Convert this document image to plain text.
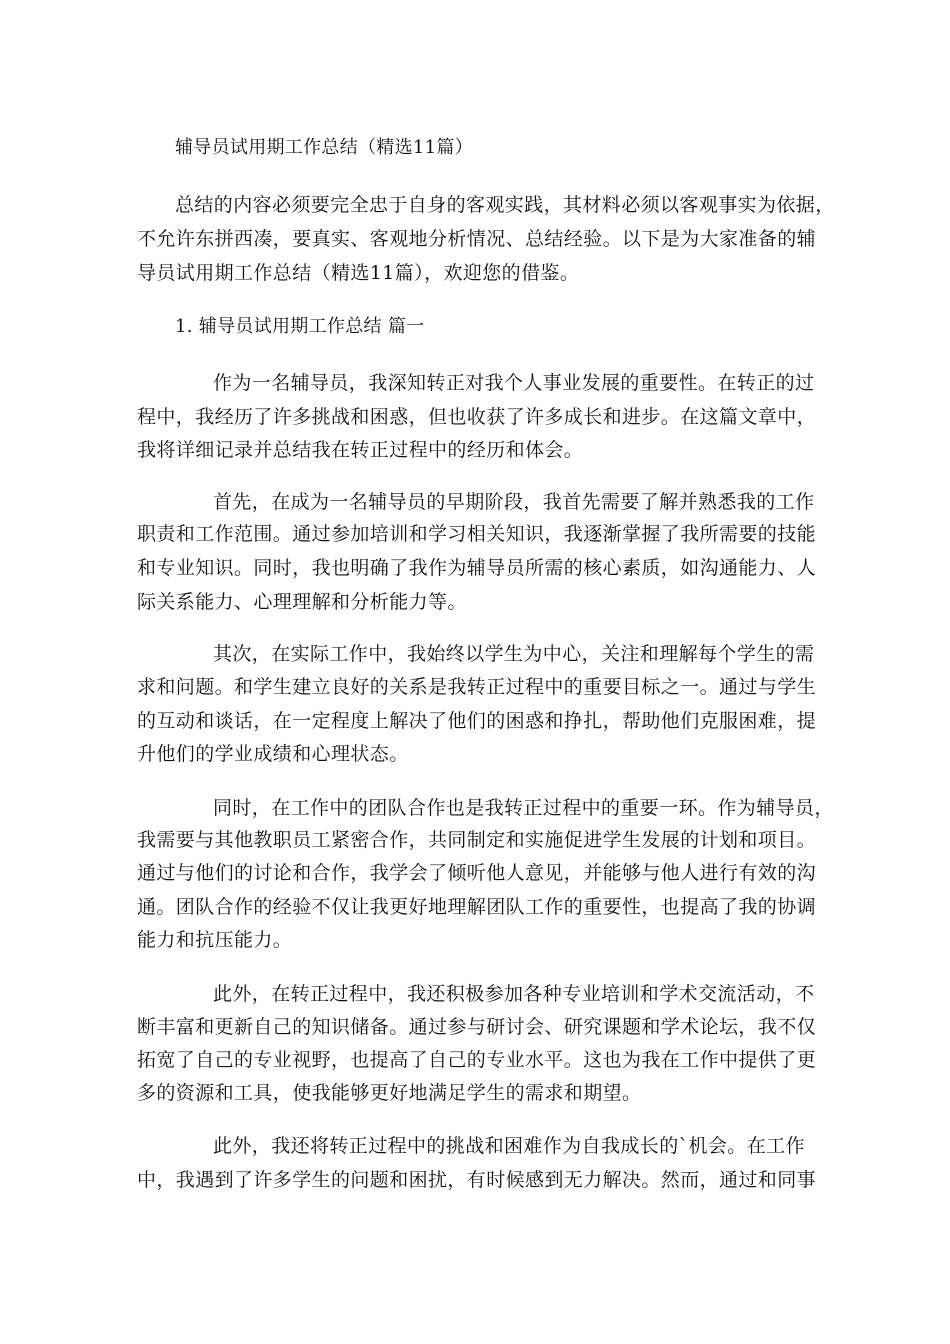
辅导员试用期工作总结（精选11篇）
总结的内容必须要完全忠于自身的客观实践，其材料必须以客观事实为依据，
不允许东拼西凑，要真实、客观地分析情况、总结经验。以下是为大家准备的辅
导员试用期工作总结（精选11篇），欢迎您的借鉴。
1. 辅导员试用期工作总结 篇一
作为一名辅导员，我深知转正对我个人事业发展的重要性。在转正的过
程中，我经历了许多挑战和困惑，但也收获了许多成长和进步。在这篇文章中，
我将详细记录并总结我在转正过程中的经历和体会。
首先，在成为一名辅导员的早期阶段，我首先需要了解并熟悉我的工作
职责和工作范围。通过参加培训和学习相关知识，我逐渐掌握了我所需要的技能
和专业知识。同时，我也明确了我作为辅导员所需的核心素质，如沟通能力、人
际关系能力、心理理解和分析能力等。
其次，在实际工作中，我始终以学生为中心，关注和理解每个学生的需
求和问题。和学生建立良好的关系是我转正过程中的重要目标之一。通过与学生
的互动和谈话，在一定程度上解决了他们的困惑和挣扎，帮助他们克服困难，提
升他们的学业成绩和心理状态。
同时，在工作中的团队合作也是我转正过程中的重要一环。作为辅导员，
我需要与其他教职员工紧密合作，共同制定和实施促进学生发展的计划和项目。
通过与他们的讨论和合作，我学会了倾听他人意见，并能够与他人进行有效的沟
通。团队合作的经验不仅让我更好地理解团队工作的重要性，也提高了我的协调
能力和抗压能力。
此外，在转正过程中，我还积极参加各种专业培训和学术交流活动，不
断丰富和更新自己的知识储备。通过参与研讨会、研究课题和学术论坛，我不仅
拓宽了自己的专业视野，也提高了自己的专业水平。这也为我在工作中提供了更
多的资源和工具，使我能够更好地满足学生的需求和期望。
此外，我还将转正过程中的挑战和困难作为自我成长的`机会。在工作
中，我遇到了许多学生的问题和困扰，有时候感到无力解决。然而，通过和同事
